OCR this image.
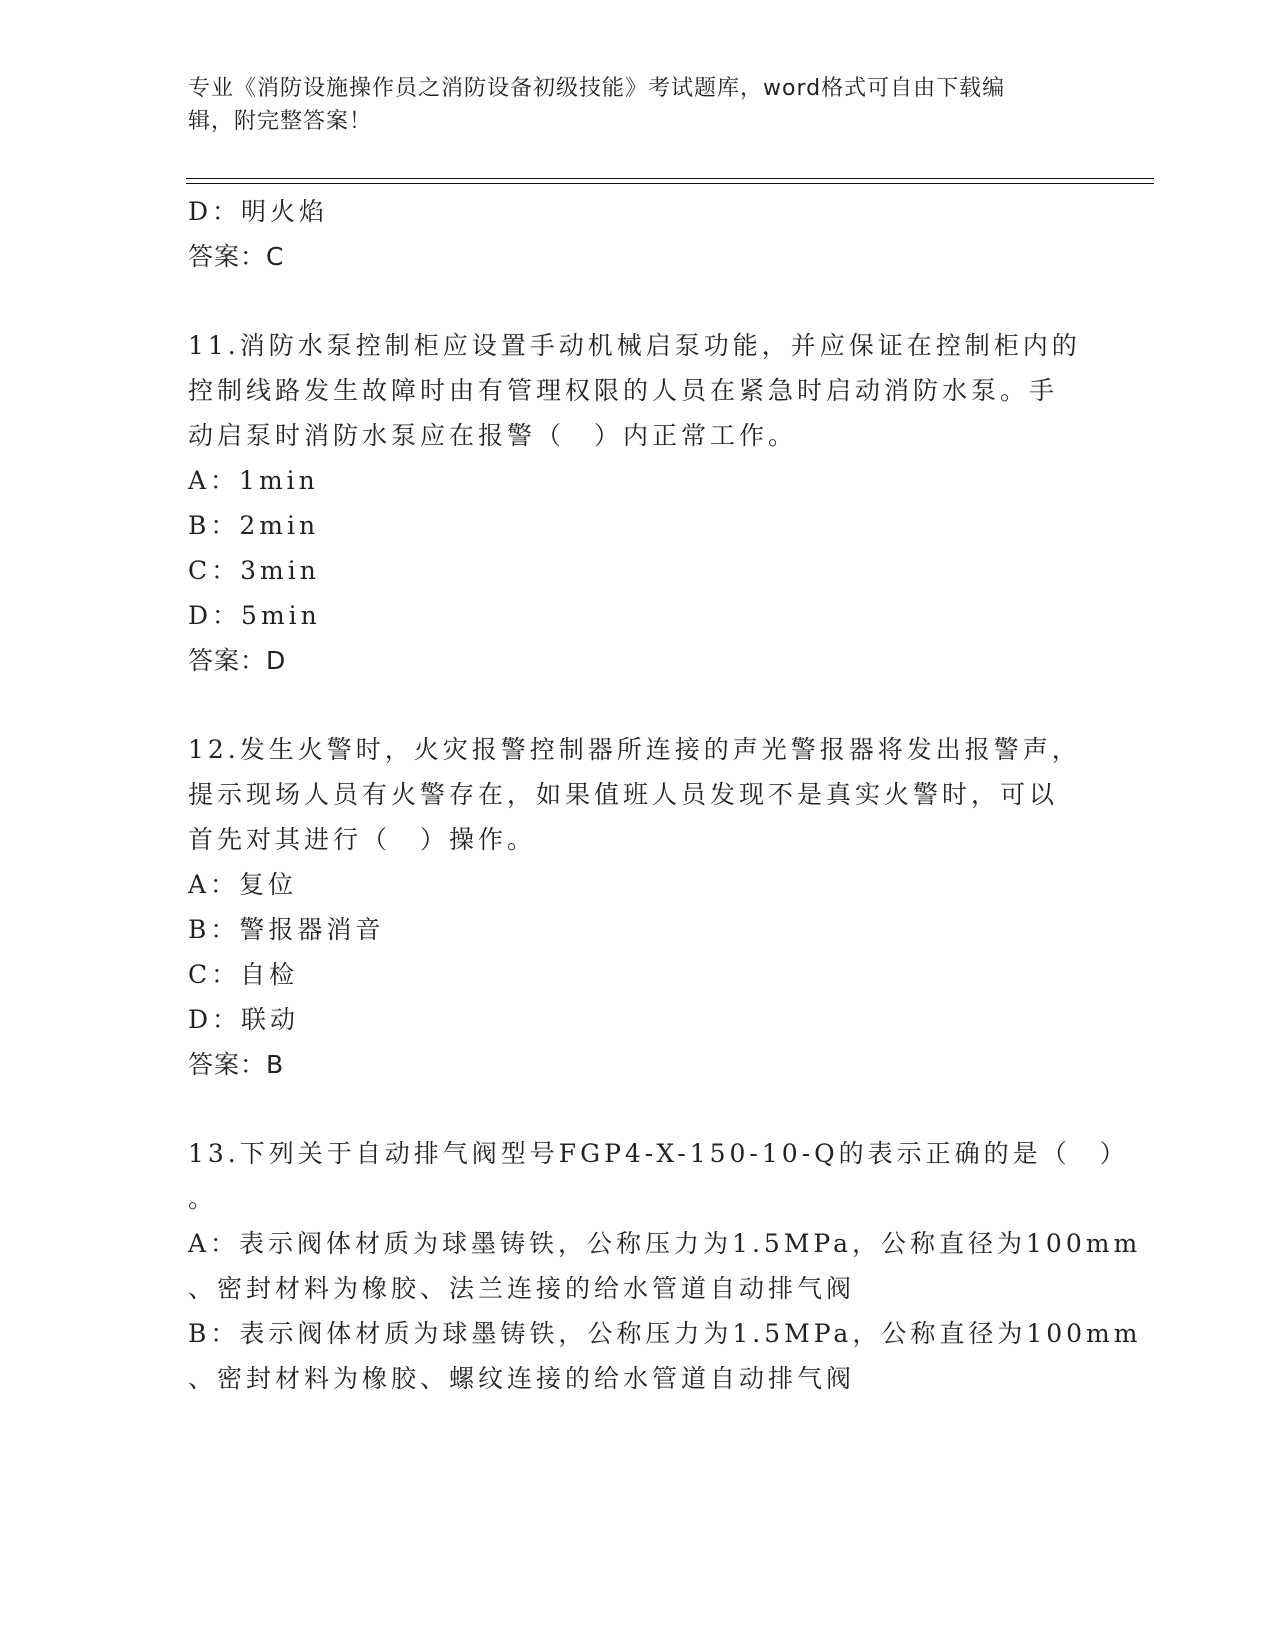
专业《消防设施操作员之消防设备初级技能》考试题库，word格式可自由下载编
辑，附完整答案！
D：明火焰
答案：C
11.消防水泵控制柜应设置手动机械启泵功能，并应保证在控制柜内的
控制线路发生故障时由有管理权限的人员在紧急时启动消防水泵。手
动启泵时消防水泵应在报警（　）内正常工作。
A：1min
B：2min
C：3min
D：5min
答案：D
12.发生火警时，火灾报警控制器所连接的声光警报器将发出报警声，
提示现场人员有火警存在，如果值班人员发现不是真实火警时，可以
首先对其进行（　）操作。
A：复位
B：警报器消音
C：自检
D：联动
答案：B
13.下列关于自动排气阀型号FGP4-X-150-10-Q的表示正确的是（　）
。
A：表示阀体材质为球墨铸铁，公称压力为1.5MPa，公称直径为100mm
、密封材料为橡胶、法兰连接的给水管道自动排气阀
B：表示阀体材质为球墨铸铁，公称压力为1.5MPa，公称直径为100mm
、密封材料为橡胶、螺纹连接的给水管道自动排气阀
